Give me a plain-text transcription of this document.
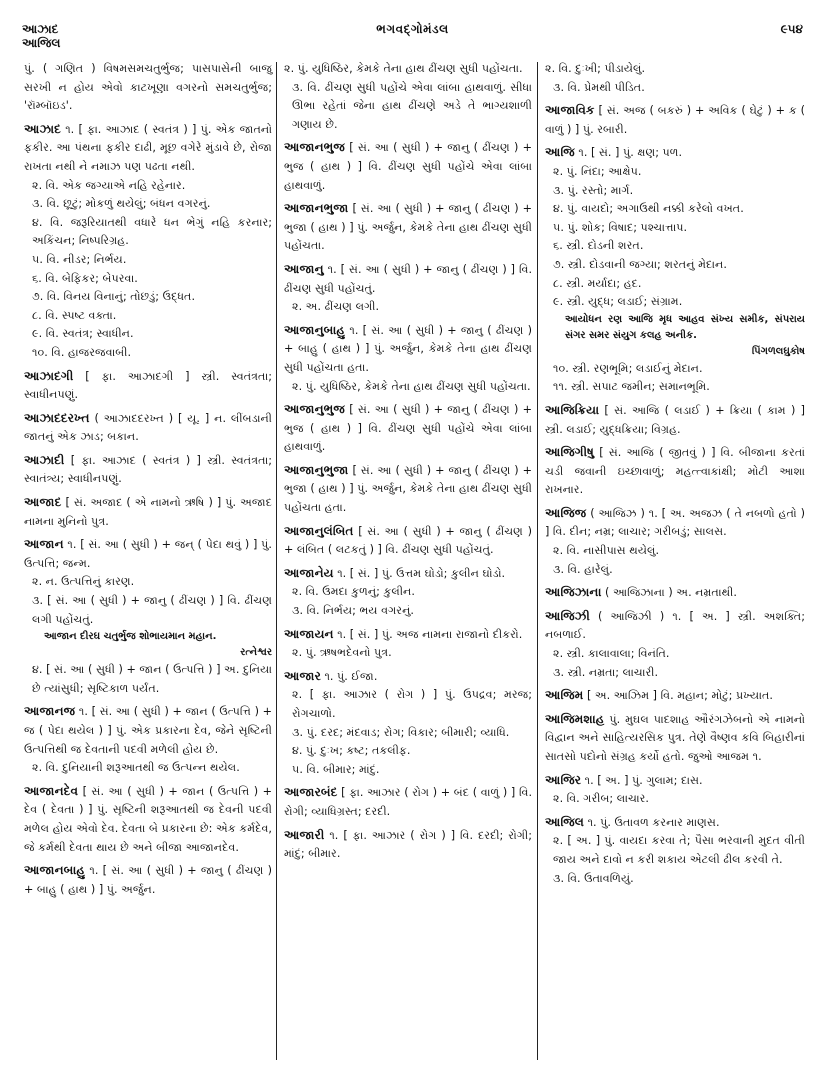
આઝાદ
આજિલ
ભગવદ્ગોમંડલ	૯૫૪
પું. ( ગણિત ) વિષમસમચતુર્ભુજ; પાસપાસેની બાજુ સરખી ન હોય એવો કાટખૂણા વગરનો સમચતુર્ભુજ; 'રૉમ્બૉઇડ'.
આઝાદ ૧. [ ફા. આઝાદ ( સ્વતંત્ર ) ] પું. એક જાતનો ફકીર. આ પંથના ફકીર દાઢી, મૂછ વગેરે મુંડાવે છે, રોજા રાખતા નથી ને નમાઝ પણ પઢતા નથી.
૨. વિ. એક જગ્યાએ નહિ રહેનાર.
૩. વિ. છૂટું; મોકળું થયેલું; બંધન વગરનું.
૪. વિ. જરૂરિયાતથી વધારે ધન ભેગું નહિ કરનાર; અકિંચન; નિષ્પરિગ્રહ.
૫. વિ. નીડર; નિર્ભય.
૬. વિ. બેફિકર; બેપરવા.
૭. વિ. વિનય વિનાનું; તોછડું; ઉદ્ધત.
૮. વિ. સ્પષ્ટ વક્તા.
૯. વિ. સ્વતંત્ર; સ્વાધીન.
૧૦. વિ. હાજરજવાબી.
આઝાદગી [ ફા. આઝાદગી ] સ્ત્રી. સ્વતંત્રતા; સ્વાધીનપણું.
આઝાદદરખ્ત ( આઝાદદરખ્ત ) [ યૂ. ] ન. લીંબડાની જાતનું એક ઝાડ; બકાન.
આઝાદી [ ફા. આઝાદ ( સ્વતંત્ર ) ] સ્ત્રી. સ્વતંત્રતા; સ્વાતંત્ર્ય; સ્વાધીનપણું.
આજાદ [ સં. અજાદ ( એ નામનો ઋષિ ) ] પું. અજાદ નામના મુનિનો પુત્ર.
આજાન ૧. [ સં. આ ( સુધી ) + જન્ ( પેદા થવું ) ] પું. ઉત્પત્તિ; જન્મ.
૨. ન. ઉત્પત્તિનું કારણ.
૩. [ સં. આ ( સુધી ) + જાનુ ( ઢીંચણ ) ] વિ. ઢીંચણ લગી પહોંચતું.
આજાન દીરઘ ચતુર્ભુજ શોભાયમાન મહાન.
રત્નેશ્વર
૪. [ સં. આ ( સુધી ) + જાન ( ઉત્પત્તિ ) ] અ. દુનિયા છે ત્યાંસુધી; સૃષ્ટિકાળ પર્યંત.
આજાનજ ૧. [ સં. આ ( સુધી ) + જાન ( ઉત્પત્તિ ) + જ ( પેદા થયેલ ) ] પું. એક પ્રકારના દેવ, જેને સૃષ્ટિની ઉત્પત્તિથી જ દેવતાની પદવી મળેલી હોય છે.
૨. વિ. દુનિયાની શરૂઆતથી જ ઉત્પન્ન થયેલ.
આજાનદેવ [ સં. આ ( સુધી ) + જાન ( ઉત્પત્તિ ) + દેવ ( દેવતા ) ] પું. સૃષ્ટિની શરૂઆતથી જ દેવની પદવી મળેલ હોય એવો દેવ. દેવતા બે પ્રકારના છે: એક કર્મદેવ, જે કર્મથી દેવતા થાય છે અને બીજા આજાનદેવ.
આજાનબાહુ ૧. [ સં. આ ( સુધી ) + જાનુ ( ઢીંચણ ) + બાહુ ( હાથ ) ] પું. અર્જુન.
૨. પું. યુધિષ્ઠિર, કેમકે તેના હાથ ઢીંચણ સુધી પહોંચતા.
૩. વિ. ઢીંચણ સુધી પહોંચે એવા લાંબા હાથવાળું. સીધા ઊભા રહેતાં જેના હાથ ઢીંચણે અડે તે ભાગ્યશાળી ગણાય છે.
આજાનભુજ [ સં. આ ( સુધી ) + જાનુ ( ઢીંચણ ) + ભુજ ( હાથ ) ] વિ. ઢીંચણ સુધી પહોંચે એવા લાંબા હાથવાળું.
આજાનભુજા [ સં. આ ( સુધી ) + જાનુ ( ઢીંચણ ) + ભુજા ( હાથ ) ] પું. અર્જુન, કેમકે તેના હાથ ઢીંચણ સુધી પહોંચતા.
આજાનુ ૧. [ સં. આ ( સુધી ) + જાનુ ( ઢીંચણ ) ] વિ. ઢીંચણ સુધી પહોંચતું.
૨. અ. ઢીંચણ લગી.
આજાનુબાહુ ૧. [ સં. આ ( સુધી ) + જાનુ ( ઢીંચણ ) + બાહુ ( હાથ ) ] પું. અર્જુન, કેમકે તેના હાથ ઢીંચણ સુધી પહોંચતા હતા.
૨. પું. યુધિષ્ઠિર, કેમકે તેના હાથ ઢીંચણ સુધી પહોંચતા.
આજાનુભુજ [ સં. આ ( સુધી ) + જાનુ ( ઢીંચણ ) + ભુજ ( હાથ ) ] વિ. ઢીંચણ સુધી પહોંચે એવા લાંબા હાથવાળું.
આજાનુભુજા [ સં. આ ( સુધી ) + જાનુ ( ઢીંચણ ) + ભુજા ( હાથ ) ] પું. અર્જુન, કેમકે તેના હાથ ઢીંચણ સુધી પહોંચતા હતા.
આજાનુલંબિત [ સં. આ ( સુધી ) + જાનુ ( ઢીંચણ ) + લંબિત ( લટકતું ) ] વિ. ઢીંચણ સુધી પહોંચતું.
આજાનેય ૧. [ સં. ] પું. ઉત્તમ ઘોડો; કુલીન ઘોડો.
૨. વિ. ઉમદા કુળનું; કુલીન.
૩. વિ. નિર્ભય; ભય વગરનું.
આજાયન ૧. [ સં. ] પું. અજ નામના રાજાનો દીકરો.
૨. પું. ઋષભદેવનો પુત્ર.
આજાર ૧. પું. ઈજા.
૨. [ ફા. આઝાર ( રોગ ) ] પું. ઉપદ્રવ; મરજ; રોગચાળો.
૩. પું. દરદ; મંદવાડ; રોગ; વિકાર; બીમારી; વ્યાધિ.
૪. પું. દુઃખ; કષ્ટ; તકલીફ.
૫. વિ. બીમાર; માંદું.
આજારબંદ [ ફા. આઝાર ( રોગ ) + બંદ ( વાળું ) ] વિ. રોગી; વ્યાધિગ્રસ્ત; દરદી.
આજારી ૧. [ ફા. આઝાર ( રોગ ) ] વિ. દરદી; રોગી; માંદું; બીમાર.
૨. વિ. દુઃખી; પીડાયેલું.
૩. વિ. પ્રેમથી પીડિત.
આજાવિક [ સં. અજ ( બકરું ) + અવિક ( ઘેટું ) + ક ( વાળું ) ] પું. રબારી.
આજિ ૧. [ સં. ] પું. ક્ષણ; પળ.
૨. પું. નિંદા; આક્ષેપ.
૩. પું. રસ્તો; માર્ગ.
૪. પું. વાયદો; અગાઉથી નક્કી કરેલો વખત.
૫. પું. શોક; વિષાદ; પશ્ચાત્તાપ.
૬. સ્ત્રી. દોડની શરત.
૭. સ્ત્રી. દોડવાની જગ્યા; શરતનું મેદાન.
૮. સ્ત્રી. મર્યાદા; હદ.
૯. સ્ત્રી. યુદ્ધ; લડાઈ; સંગ્રામ.
આયોધન રણ આજિ મૃધ આહવ સંખ્ય સમીક, સંપરાય સંગર સમર સંયુગ કલહ અનીક.
પિંગળલઘુકોષ
૧૦. સ્ત્રી. રણભૂમિ; લડાઈનું મેદાન.
૧૧. સ્ત્રી. સપાટ જમીન; સમાનભૂમિ.
આજિક્રિયા [ સં. આજિ ( લડાઈ ) + ક્રિયા ( કામ ) ] સ્ત્રી. લડાઈ; યુદ્ધક્રિયા; વિગ્રહ.
આજિગીષુ [ સં. આજિ ( જીતવું ) ] વિ. બીજાના કરતાં ચડી જવાની ઇચ્છાવાળું; મહત્ત્વાકાંક્ષી; મોટી આશા રાખનાર.
આજિજ ( આજિઝ ) ૧. [ અ. અજઝ ( તે નબળો હતો ) ] વિ. દીન; નમ્ર; લાચાર; ગરીબડું; સાલસ.
૨. વિ. નાસીપાસ થયેલું.
૩. વિ. હારેલું.
આજિઝાના ( આજિઝાના ) અ. નમ્રતાથી.
આજિઝી ( આજિઝી ) ૧. [ અ. ] સ્ત્રી. અશક્તિ; નબળાઈ.
૨. સ્ત્રી. કાલાવાલા; વિનંતિ.
૩. સ્ત્રી. નમ્રતા; લાચારી.
આજિમ [ અ. આઝિમ ] વિ. મહાન; મોટું; પ્રખ્યાત.
આજિમશાહ પું. મુઘલ પાદશાહ ઔરંગઝેબનો એ નામનો વિદ્વાન અને સાહિત્યરસિક પુત્ર. તેણે વૈષ્ણવ કવિ બિહારીનાં સાતસો પદોનો સંગ્રહ કર્યો હતો. જુઓ આજમ ૧.
આજિર ૧. [ અ. ] પું. ગુલામ; દાસ.
૨. વિ. ગરીબ; લાચાર.
આજિલ ૧. પું. ઉતાવળ કરનાર માણસ.
૨. [ અ. ] પું. વાયદા કરવા તે; પૈસા ભરવાની મુદત વીતી જાય અને દાવો ન કરી શકાય એટલી ઢીલ કરવી તે.
૩. વિ. ઉતાવળિયું.
